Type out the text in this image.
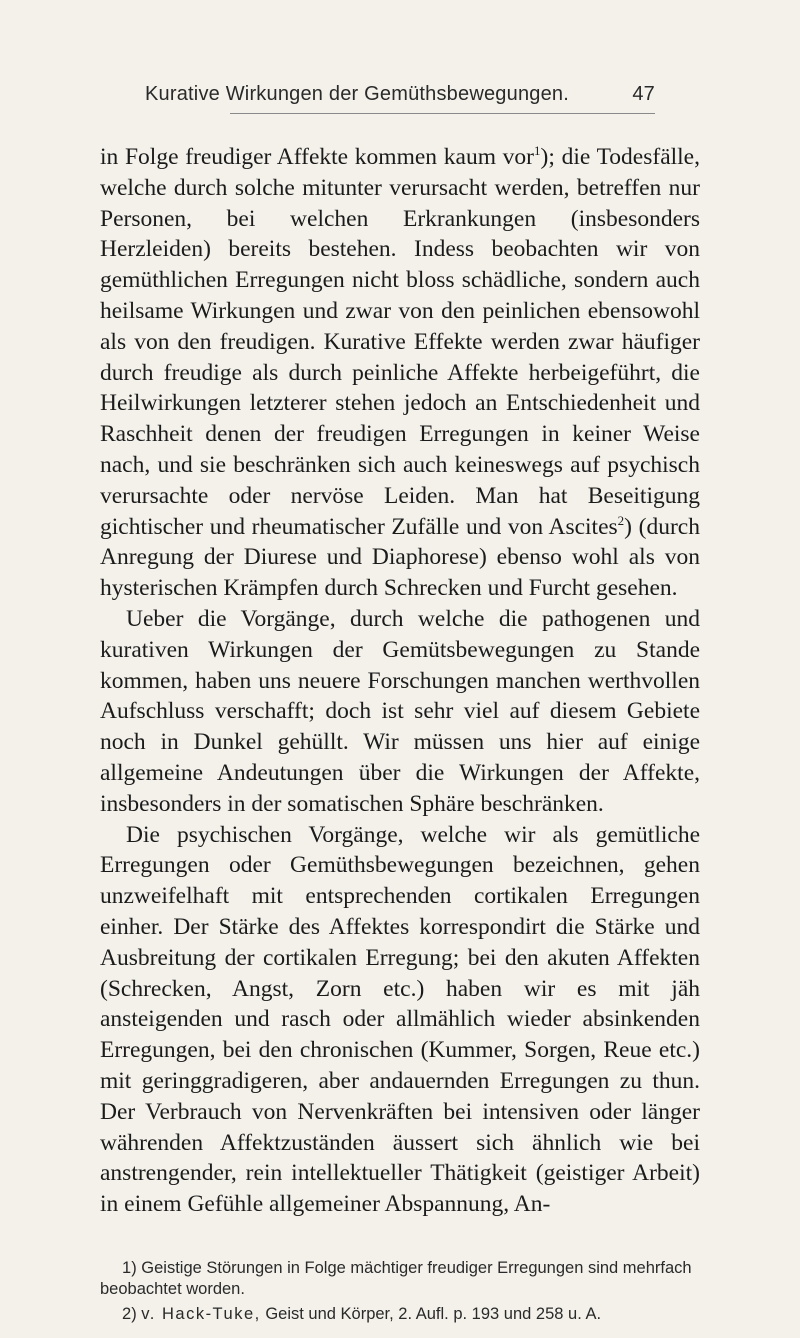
Kurative Wirkungen der Gemüthsbewegungen.	47

in Folge freudiger Affekte kommen kaum vor$^1$); die Todesfälle, welche durch solche mitunter verursacht werden, betreffen nur Personen, bei welchen Erkrankungen (insbesonders Herzleiden) bereits bestehen. Indess beobachten wir von gemüthlichen Erregungen nicht bloss schädliche, sondern auch heilsame Wirkungen und zwar von den peinlichen ebensowohl als von den freudigen. Kurative Effekte werden zwar häufiger durch freudige als durch peinliche Affekte herbeigeführt, die Heilwirkungen letzterer stehen jedoch an Entschiedenheit und Raschheit denen der freudigen Erregungen in keiner Weise nach, und sie beschränken sich auch keineswegs auf psychisch verursachte oder nervöse Leiden. Man hat Beseitigung gichtischer und rheumatischer Zufälle und von Ascites$^2$) (durch Anregung der Diurese und Diaphorese) ebenso wohl als von hysterischen Krämpfen durch Schrecken und Furcht gesehen.

Ueber die Vorgänge, durch welche die pathogenen und kurativen Wirkungen der Gemütsbewegungen zu Stande kommen, haben uns neuere Forschungen manchen werthvollen Aufschluss verschafft; doch ist sehr viel auf diesem Gebiete noch in Dunkel gehüllt. Wir müssen uns hier auf einige allgemeine Andeutungen über die Wirkungen der Affekte, insbesonders in der somatischen Sphäre beschränken.

Die psychischen Vorgänge, welche wir als gemütliche Erregungen oder Gemüthsbewegungen bezeichnen, gehen unzweifelhaft mit entsprechenden cortikalen Erregungen einher. Der Stärke des Affektes korrespondirt die Stärke und Ausbreitung der cortikalen Erregung; bei den akuten Affekten (Schrecken, Angst, Zorn etc.) haben wir es mit jäh ansteigenden und rasch oder allmählich wieder absinkenden Erregungen, bei den chronischen (Kummer, Sorgen, Reue etc.) mit geringgradigeren, aber andauernden Erregungen zu thun. Der Verbrauch von Nervenkräften bei intensiven oder länger währenden Affektzuständen äussert sich ähnlich wie bei anstrengender, rein intellektueller Thätigkeit (geistiger Arbeit) in einem Gefühle allgemeiner Abspannung, An-

1) Geistige Störungen in Folge mächtiger freudiger Erregungen sind mehrfach beobachtet worden.

2) v. Hack-Tuke, Geist und Körper, 2. Aufl. p. 193 und 258 u. A.
